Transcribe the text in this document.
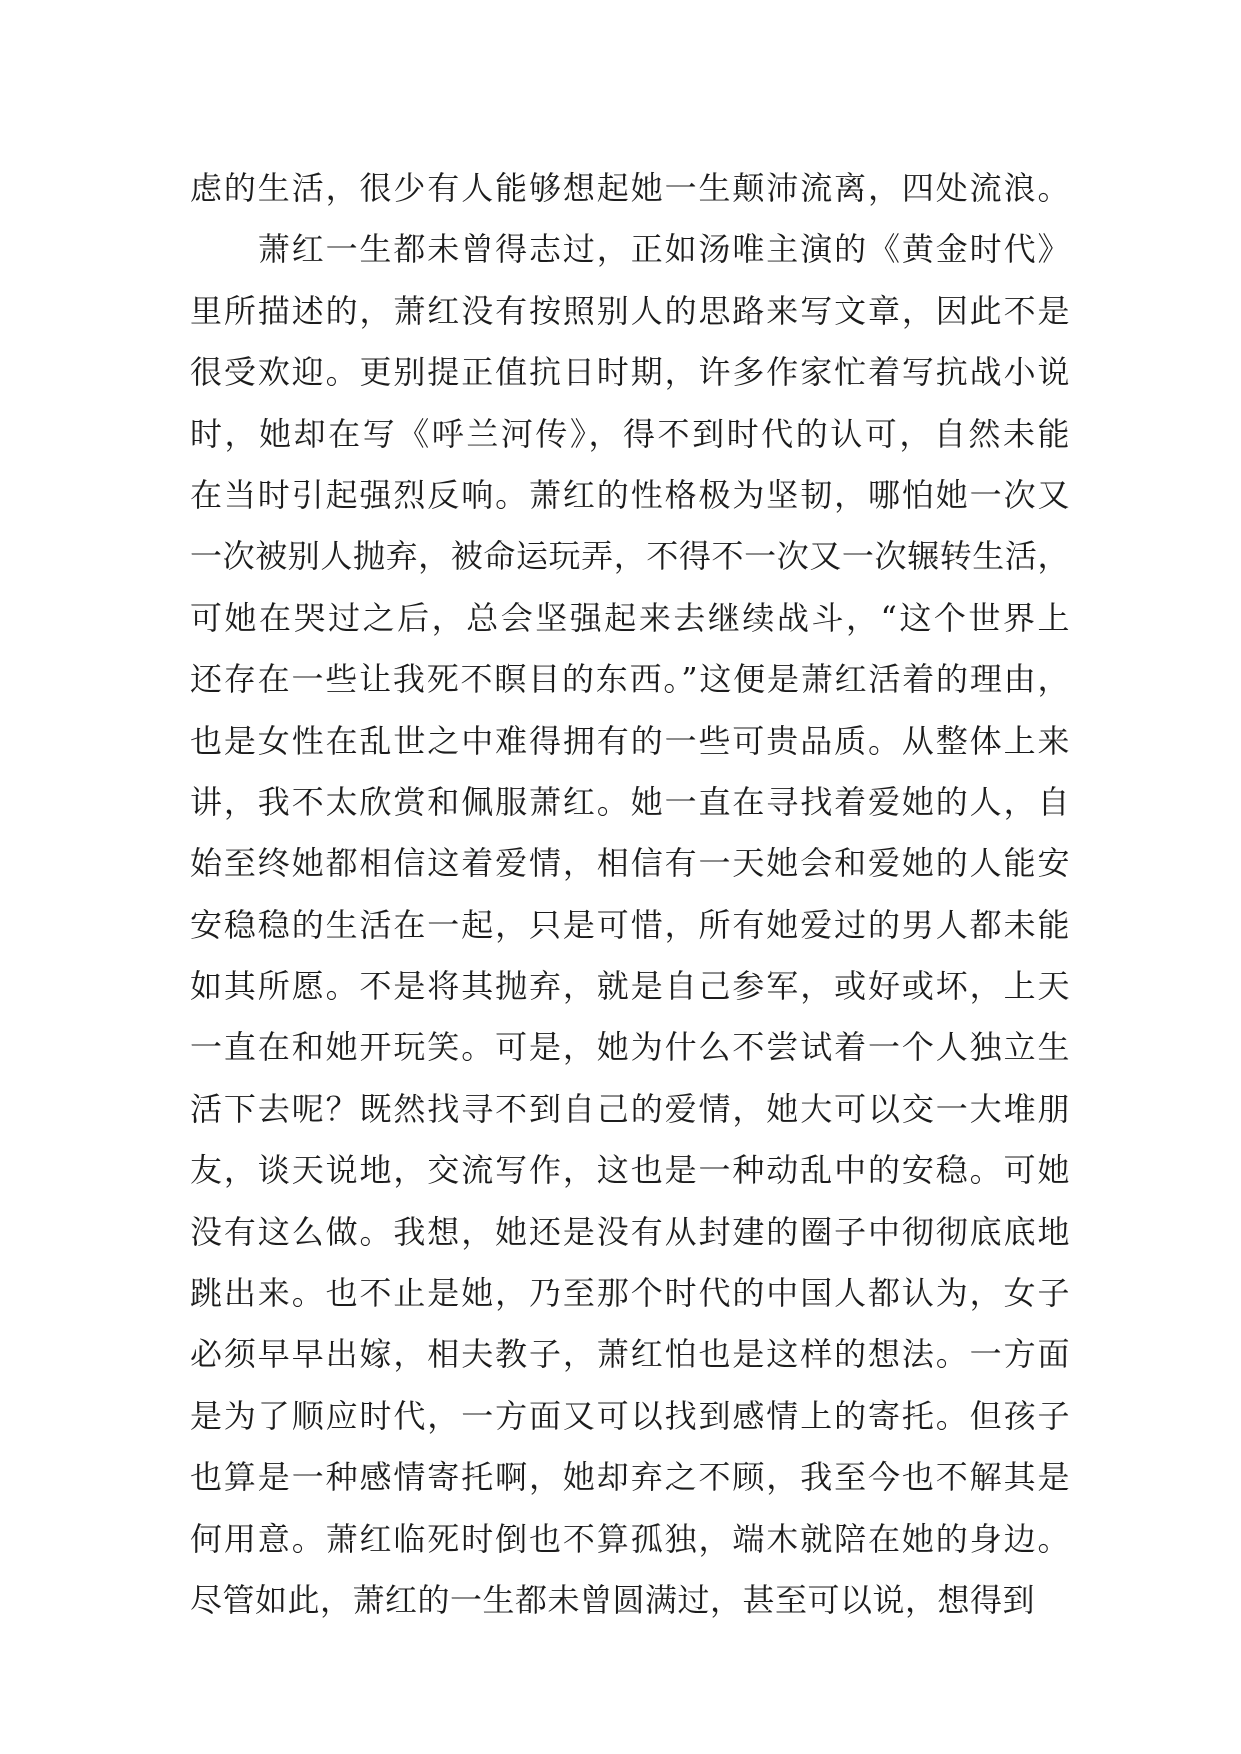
虑的生活，很少有人能够想起她一生颠沛流离，四处流浪。
　　萧红一生都未曾得志过，正如汤唯主演的《黄金时代》
里所描述的，萧红没有按照别人的思路来写文章，因此不是
很受欢迎。更别提正值抗日时期，许多作家忙着写抗战小说
时，她却在写《呼兰河传》，得不到时代的认可，自然未能
在当时引起强烈反响。萧红的性格极为坚韧，哪怕她一次又
一次被别人抛弃，被命运玩弄，不得不一次又一次辗转生活，
可她在哭过之后，总会坚强起来去继续战斗，“这个世界上
还存在一些让我死不瞑目的东西。”这便是萧红活着的理由，
也是女性在乱世之中难得拥有的一些可贵品质。从整体上来
讲，我不太欣赏和佩服萧红。她一直在寻找着爱她的人，自
始至终她都相信这着爱情，相信有一天她会和爱她的人能安
安稳稳的生活在一起，只是可惜，所有她爱过的男人都未能
如其所愿。不是将其抛弃，就是自己参军，或好或坏，上天
一直在和她开玩笑。可是，她为什么不尝试着一个人独立生
活下去呢？既然找寻不到自己的爱情，她大可以交一大堆朋
友，谈天说地，交流写作，这也是一种动乱中的安稳。可她
没有这么做。我想，她还是没有从封建的圈子中彻彻底底地
跳出来。也不止是她，乃至那个时代的中国人都认为，女子
必须早早出嫁，相夫教子，萧红怕也是这样的想法。一方面
是为了顺应时代，一方面又可以找到感情上的寄托。但孩子
也算是一种感情寄托啊，她却弃之不顾，我至今也不解其是
何用意。萧红临死时倒也不算孤独，端木就陪在她的身边。
尽管如此，萧红的一生都未曾圆满过，甚至可以说，想得到
